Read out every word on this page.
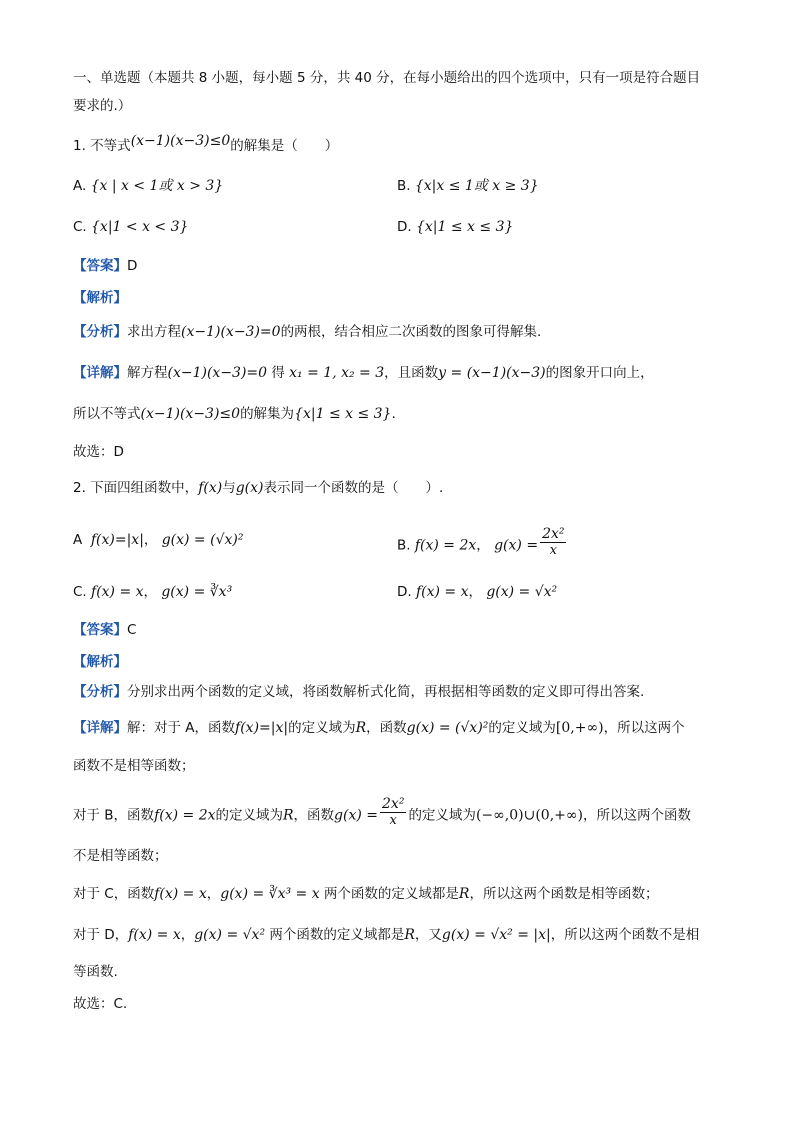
一、单选题（本题共 8 小题，每小题 5 分，共 40 分，在每小题给出的四个选项中，只有一项是符合题目
要求的.）
1. 不等式(x−1)(x−3)≤0的解集是（　　）
A. {x | x < 1或 x > 3}	B. {x|x ≤ 1或 x ≥ 3}
C. {x|1 < x < 3}	D. {x|1 ≤ x ≤ 3}
【答案】D
【解析】
【分析】求出方程(x−1)(x−3)=0的两根，结合相应二次函数的图象可得解集.
【详解】解方程(x−1)(x−3)=0 得 x₁ = 1, x₂ = 3，且函数y = (x−1)(x−3)的图象开口向上，
所以不等式(x−1)(x−3)≤0的解集为{x|1 ≤ x ≤ 3}.
故选：D
2. 下面四组函数中，f(x)与g(x)表示同一个函数的是（　　）.
A f(x)=|x|， g(x) = (√x)²	B. f(x) = 2x， $g(x) = \frac{\text{2x²}}{x}$
C. f(x) = x， g(x) = ∛x³	D. f(x) = x， g(x) = √x²
【答案】C
【解析】
【分析】分别求出两个函数的定义域，将函数解析式化简，再根据相等函数的定义即可得出答案.
【详解】解：对于 A，函数f(x)=|x|的定义域为R，函数g(x) = (√x)²的定义域为[0,+∞)，所以这两个
函数不是相等函数；
对于 B，函数f(x) = 2x的定义域为R，函数$g(x) = \frac{\text{2x²}}{x}$ 的定义域为(−∞,0)∪(0,+∞)，所以这两个函数
不是相等函数；
对于 C，函数f(x) = x，g(x) = ∛x³ = x 两个函数的定义域都是R，所以这两个函数是相等函数；
对于 D，f(x) = x，g(x) = √x² 两个函数的定义域都是R，又g(x) = √x² = |x|，所以这两个函数不是相
等函数.
故选：C.
